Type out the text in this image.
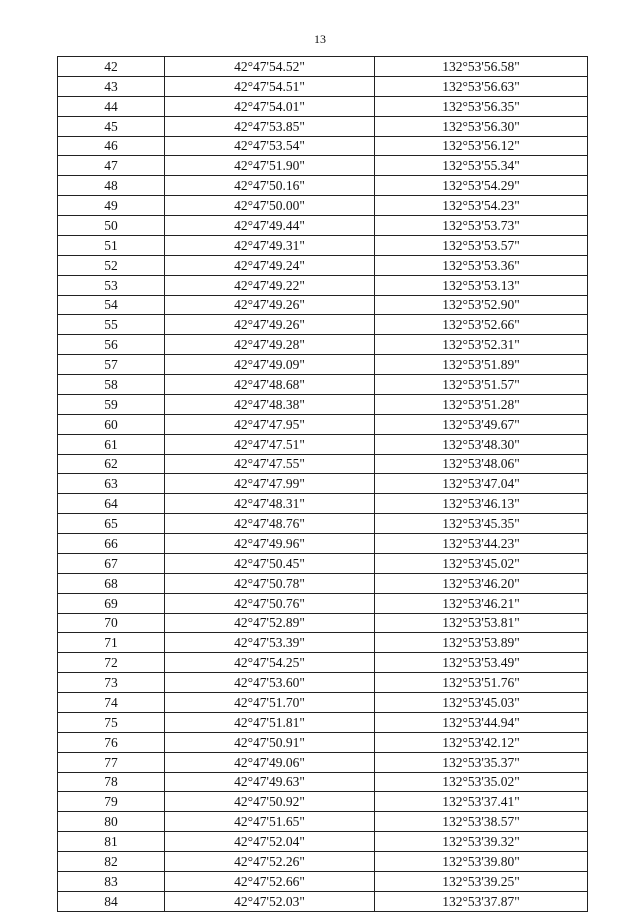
13
42	42°47'54.52"	132°53'56.58"
43	42°47'54.51"	132°53'56.63"
44	42°47'54.01"	132°53'56.35"
45	42°47'53.85"	132°53'56.30"
46	42°47'53.54"	132°53'56.12"
47	42°47'51.90"	132°53'55.34"
48	42°47'50.16"	132°53'54.29"
49	42°47'50.00"	132°53'54.23"
50	42°47'49.44"	132°53'53.73"
51	42°47'49.31"	132°53'53.57"
52	42°47'49.24"	132°53'53.36"
53	42°47'49.22"	132°53'53.13"
54	42°47'49.26"	132°53'52.90"
55	42°47'49.26"	132°53'52.66"
56	42°47'49.28"	132°53'52.31"
57	42°47'49.09"	132°53'51.89"
58	42°47'48.68"	132°53'51.57"
59	42°47'48.38"	132°53'51.28"
60	42°47'47.95"	132°53'49.67"
61	42°47'47.51"	132°53'48.30"
62	42°47'47.55"	132°53'48.06"
63	42°47'47.99"	132°53'47.04"
64	42°47'48.31"	132°53'46.13"
65	42°47'48.76"	132°53'45.35"
66	42°47'49.96"	132°53'44.23"
67	42°47'50.45"	132°53'45.02"
68	42°47'50.78"	132°53'46.20"
69	42°47'50.76"	132°53'46.21"
70	42°47'52.89"	132°53'53.81"
71	42°47'53.39"	132°53'53.89"
72	42°47'54.25"	132°53'53.49"
73	42°47'53.60"	132°53'51.76"
74	42°47'51.70"	132°53'45.03"
75	42°47'51.81"	132°53'44.94"
76	42°47'50.91"	132°53'42.12"
77	42°47'49.06"	132°53'35.37"
78	42°47'49.63"	132°53'35.02"
79	42°47'50.92"	132°53'37.41"
80	42°47'51.65"	132°53'38.57"
81	42°47'52.04"	132°53'39.32"
82	42°47'52.26"	132°53'39.80"
83	42°47'52.66"	132°53'39.25"
84	42°47'52.03"	132°53'37.87"
